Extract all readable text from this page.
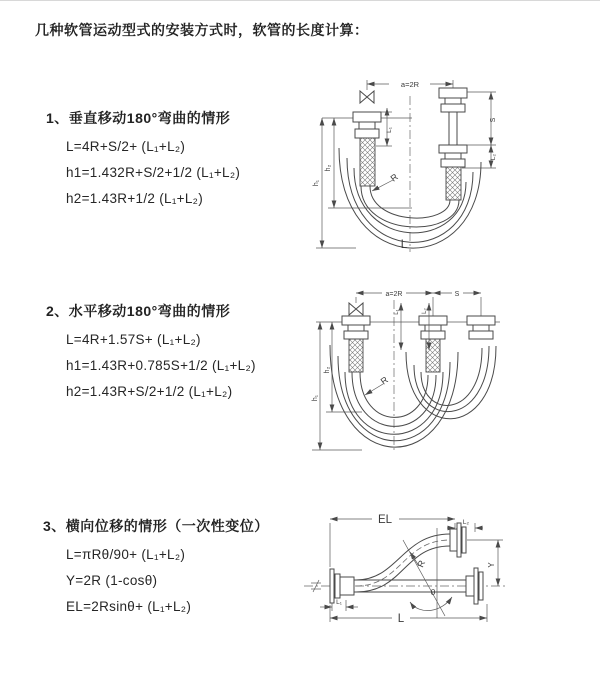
几种软管运动型式的安装方式时，软管的长度计算：
1、垂直移动180°弯曲的情形
L=4R+S/2+ (L₁+L₂)
h1=1.432R+S/2+1/2 (L₁+L₂)
h2=1.43R+1/2 (L₁+L₂)
2、水平移动180°弯曲的情形
L=4R+1.57S+ (L₁+L₂)
h1=1.43R+0.785S+1/2 (L₁+L₂)
h2=1.43R+S/2+1/2 (L₁+L₂)
3、横向位移的情形（一次性变位）
L=πRθ/90+ (L₁+L₂)
Y=2R (1-cosθ)
EL=2Rsinθ+ (L₁+L₂)
a=2R
L₁
S
L₂
h₁
h₂
R
L
a=2R	S
L₁	L₂
h₁
h₂
R
EL	L₂
Y
R
θ
L₁
L
